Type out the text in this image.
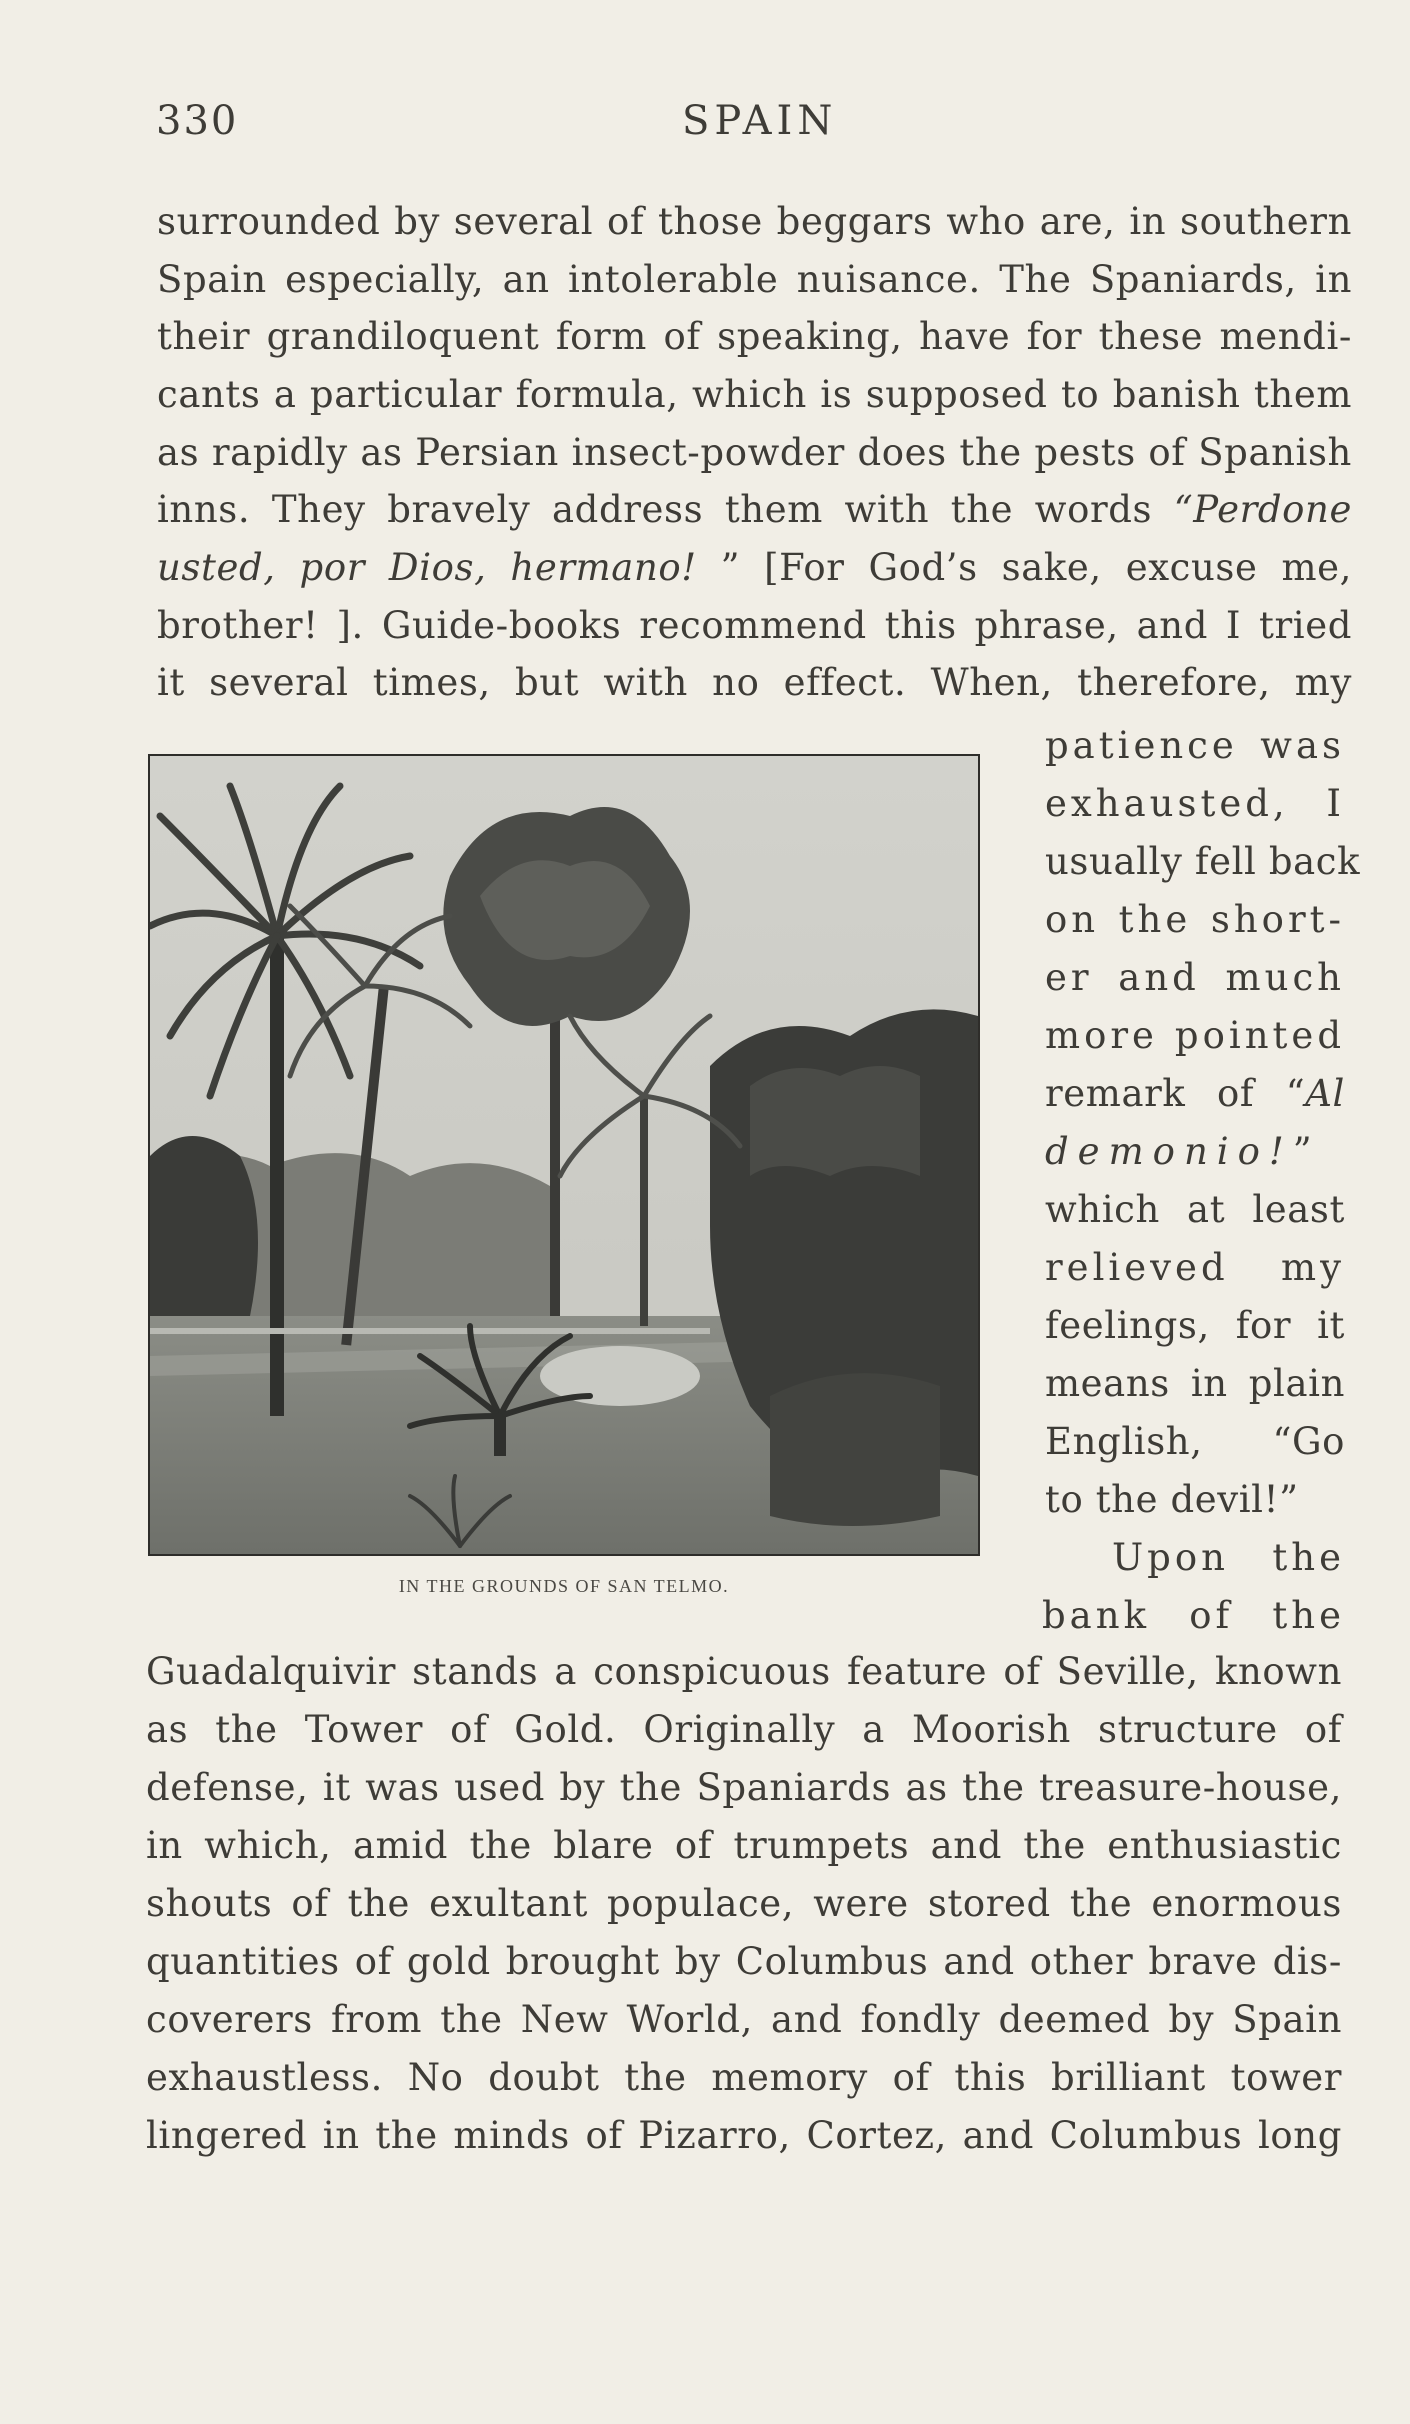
330	SPAIN
surrounded by several of those beggars who are, in southern
Spain especially, an intolerable nuisance. The Spaniards, in
their grandiloquent form of speaking, have for these mendi-
cants a particular formula, which is supposed to banish them
as rapidly as Persian insect-powder does the pests of Spanish
inns. They bravely address them with the words “Perdone
usted, por Dios, hermano! ” [For God’s sake, excuse me,
brother! ]. Guide-books recommend this phrase, and I tried
it several times, but with no effect. When, therefore, my
patience was
exhausted, I
usually fell back
on the short-
er and much
more pointed
remark of “Al
demonio!”
which at least
relieved my
feelings, for it
means in plain
English, “Go
to the devil!”
Upon the
bank of the
Guadalquivir stands a conspicuous feature of Seville, known
as the Tower of Gold. Originally a Moorish structure of
defense, it was used by the Spaniards as the treasure-house,
in which, amid the blare of trumpets and the enthusiastic
shouts of the exultant populace, were stored the enormous
quantities of gold brought by Columbus and other brave dis-
coverers from the New World, and fondly deemed by Spain
exhaustless. No doubt the memory of this brilliant tower
lingered in the minds of Pizarro, Cortez, and Columbus long
IN THE GROUNDS OF SAN TELMO.
